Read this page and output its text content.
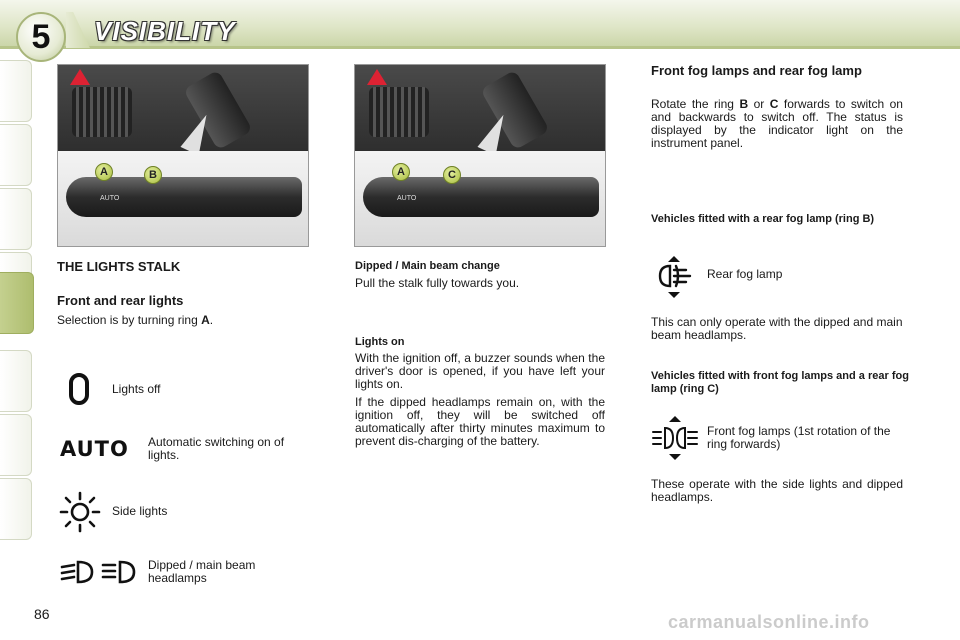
5	VISIBILITY
AUTO
A	B
AUTO
A	C
THE LIGHTS STALK
Front and rear lights
Selection is by turning ring A.
Lights off
AUTO Automatic switching on of lights.
Side lights
Dipped / main beam headlamps
Dipped / Main beam change
Pull the stalk fully towards you.
Lights on
With the ignition off, a buzzer sounds when the driver's door is opened, if you have left your lights on.
If the dipped headlamps remain on, with the ignition off, they will be switched off automatically after thirty minutes maximum to prevent dis-charging of the battery.
Front fog lamps and rear fog lamp
Rotate the ring B or C forwards to switch on and backwards to switch off. The status is displayed by the indicator light on the instrument panel.
Vehicles fitted with a rear fog lamp (ring B)
Rear fog lamp
This can only operate with the dipped and main beam headlamps.
Vehicles fitted with front fog lamps and a rear fog lamp (ring C)
Front fog lamps (1st rotation of the ring forwards)
These operate with the side lights and dipped headlamps.
86	carmanualsonline.info
